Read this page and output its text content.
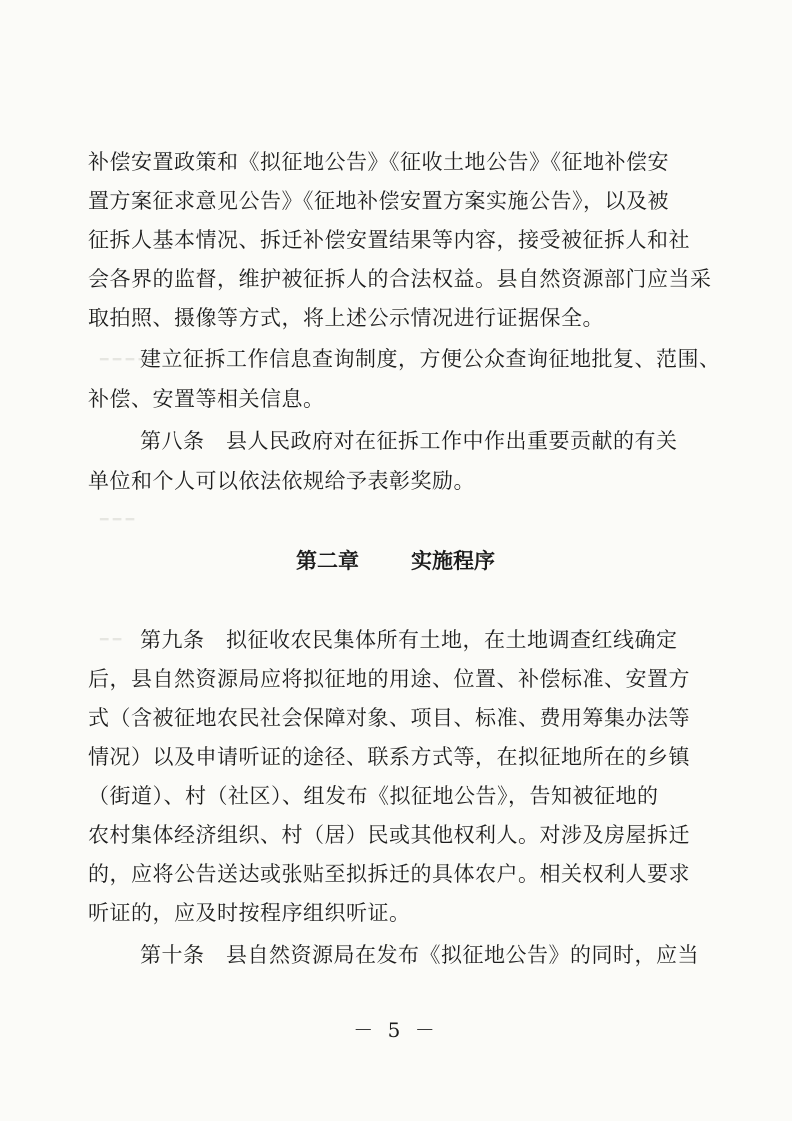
━ ━ ━ ━
━ ━ ━
━ ━
补偿安置政策和《拟征地公告》《征收土地公告》《征地补偿安
置方案征求意见公告》《征地补偿安置方案实施公告》，以及被
征拆人基本情况、拆迁补偿安置结果等内容，接受被征拆人和社
会各界的监督，维护被征拆人的合法权益。县自然资源部门应当采
取拍照、摄像等方式，将上述公示情况进行证据保全。
建立征拆工作信息查询制度，方便公众查询征地批复、范围、
补偿、安置等相关信息。
第八条　县人民政府对在征拆工作中作出重要贡献的有关
单位和个人可以依法依规给予表彰奖励。
第二章 实施程序
第九条　拟征收农民集体所有土地，在土地调查红线确定
后，县自然资源局应将拟征地的用途、位置、补偿标准、安置方
式（含被征地农民社会保障对象、项目、标准、费用筹集办法等
情况）以及申请听证的途径、联系方式等，在拟征地所在的乡镇
（街道）、村（社区）、组发布《拟征地公告》，告知被征地的
农村集体经济组织、村（居）民或其他权利人。对涉及房屋拆迁
的，应将公告送达或张贴至拟拆迁的具体农户。相关权利人要求
听证的，应及时按程序组织听证。
第十条　县自然资源局在发布《拟征地公告》的同时，应当
－ 5 －
